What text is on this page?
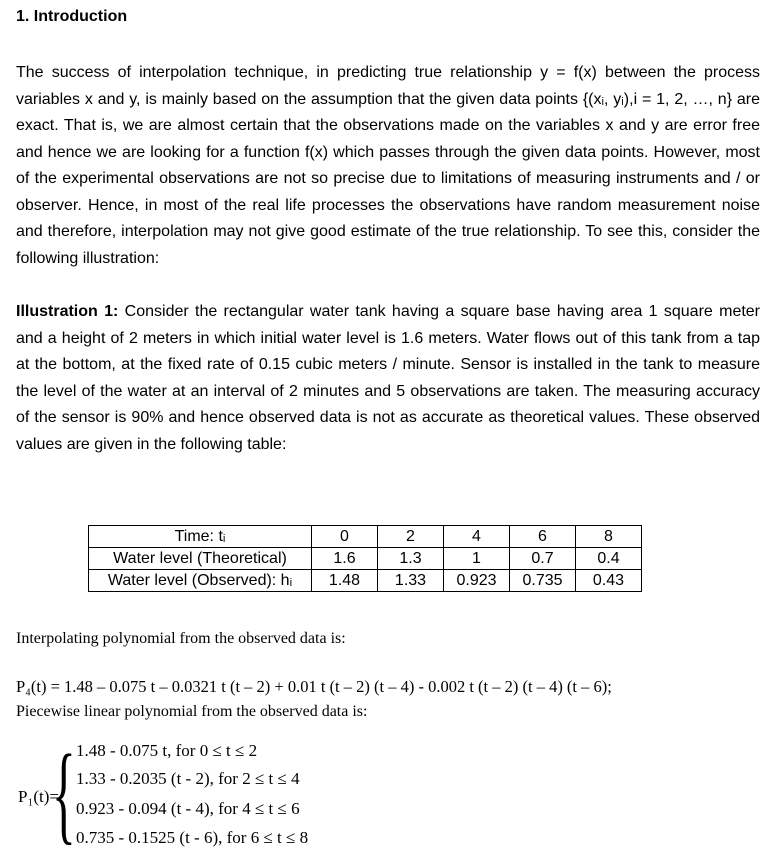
1. Introduction

The success of interpolation technique, in predicting true relationship y = f(x) between the process variables x and y, is mainly based on the assumption that the given data points {(xᵢ, yᵢ),i = 1, 2, …, n} are exact. That is, we are almost certain that the observations made on the variables x and y are error free and hence we are looking for a function f(x) which passes through the given data points. However, most of the experimental observations are not so precise due to limitations of measuring instruments and / or observer. Hence, in most of the real life processes the observations have random measurement noise and therefore, interpolation may not give good estimate of the true relationship. To see this, consider the following illustration:

Illustration 1: Consider the rectangular water tank having a square base having area 1 square meter and a height of 2 meters in which initial water level is 1.6 meters. Water flows out of this tank from a tap at the bottom, at the fixed rate of 0.15 cubic meters / minute. Sensor is installed in the tank to measure the level of the water at an interval of 2 minutes and 5 observations are taken. The measuring accuracy of the sensor is 90% and hence observed data is not as accurate as theoretical values. These observed values are given in the following table:

Time: tᵢ	0	2	4	6	8
Water level (Theoretical)	1.6	1.3	1	0.7	0.4
Water level (Observed): hᵢ	1.48	1.33	0.923	0.735	0.43
Interpolating polynomial from the observed data is:
P₄(t) = 1.48 – 0.075 t – 0.0321 t (t – 2) + 0.01 t (t – 2) (t – 4) - 0.002 t (t – 2) (t – 4) (t – 6);
Piecewise linear polynomial from the observed data is:
P₁(t)=
{ 1.48 - 0.075 t, for 0 ≤ t ≤ 2
1.33 - 0.2035 (t - 2), for 2 ≤ t ≤ 4
0.923 - 0.094 (t - 4), for 4 ≤ t ≤ 6
0.735 - 0.1525 (t - 6), for 6 ≤ t ≤ 8
